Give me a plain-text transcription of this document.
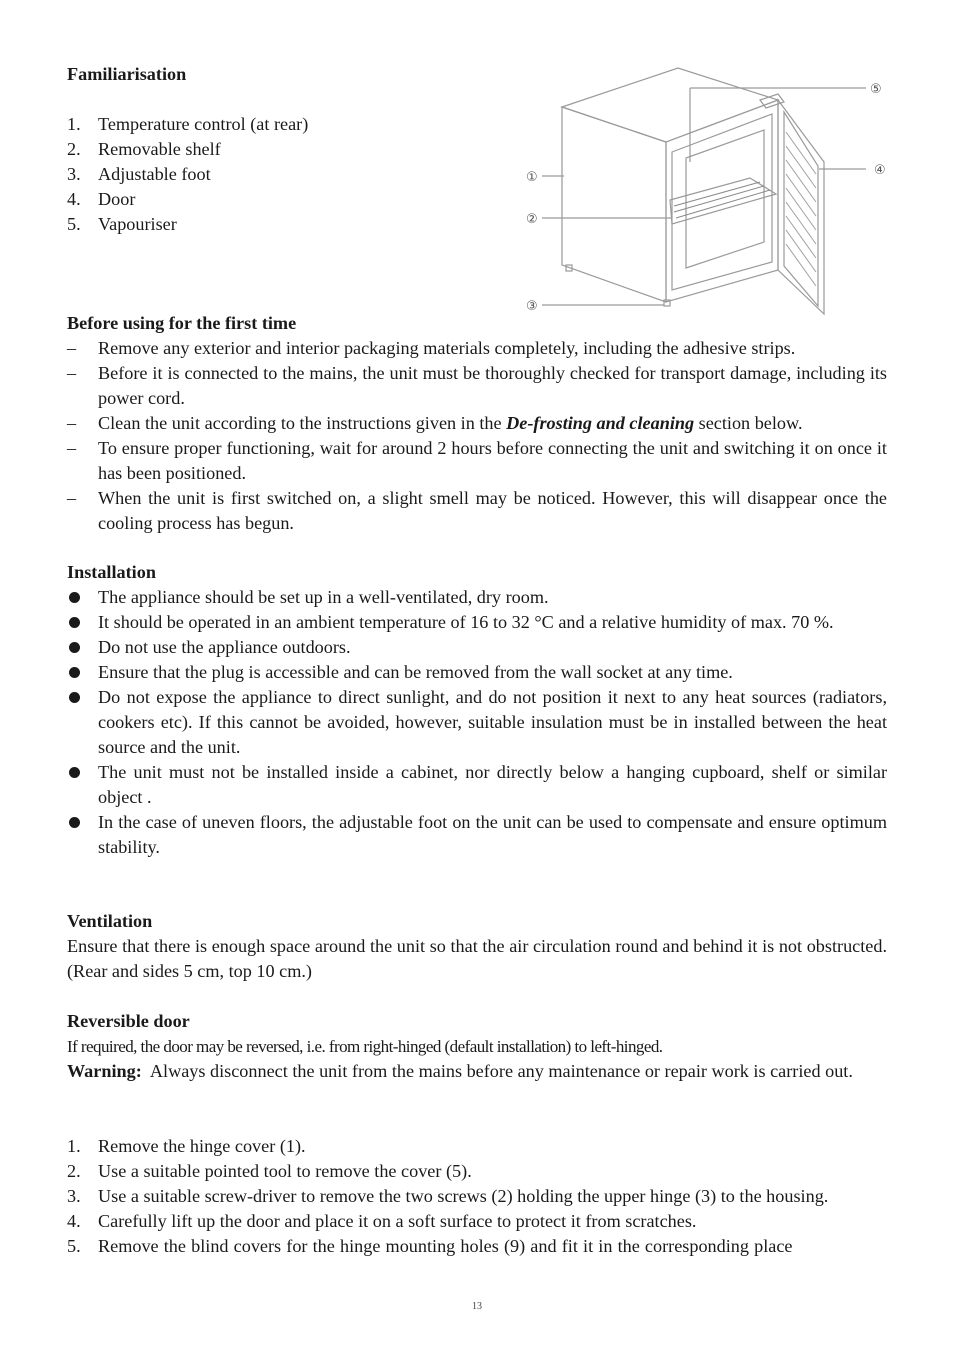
Familiarisation
1. Temperature control (at rear)
2. Removable shelf
3. Adjustable foot
4. Door
5. Vapouriser
①
②
③
④
⑤
Before using for the first time
– Remove any exterior and interior packaging materials completely, including the adhesive strips.
– Before it is connected to the mains, the unit must be thoroughly checked for transport damage, including its power cord.
– Clean the unit according to the instructions given in the De-frosting and cleaning section below.
– To ensure proper functioning, wait for around 2 hours before connecting the unit and switching it on once it has been positioned.
– When the unit is first switched on, a slight smell may be noticed. However, this will disappear once the cooling process has begun.
Installation
The appliance should be set up in a well-ventilated, dry room.
It should be operated in an ambient temperature of 16 to 32 °C and a relative humidity of max. 70 %.
Do not use the appliance outdoors.
Ensure that the plug is accessible and can be removed from the wall socket at any time.
Do not expose the appliance to direct sunlight, and do not position it next to any heat sources (radiators, cookers etc). If this cannot be avoided, however, suitable insulation must be in installed between the heat source and the unit.
The unit must not be installed inside a cabinet, nor directly below a hanging cupboard, shelf or similar object .
In the case of uneven floors, the adjustable foot on the unit can be used to compensate and ensure optimum stability.
Ventilation
Ensure that there is enough space around the unit so that the air circulation round and behind it is not obstructed. (Rear and sides 5 cm, top 10 cm.)
Reversible door
If required, the door may be reversed, i.e. from right-hinged (default installation) to left-hinged.
Warning:  Always disconnect the unit from the mains before any maintenance or repair work is carried out.
1. Remove the hinge cover (1).
2. Use a suitable pointed tool to remove the cover (5).
3. Use a suitable screw-driver to remove the two screws (2) holding the upper hinge (3) to the housing.
4. Carefully lift up the door and place it on a soft surface to protect it from scratches.
5. Remove the blind covers for the hinge mounting holes (9) and fit it in the corresponding place
13
